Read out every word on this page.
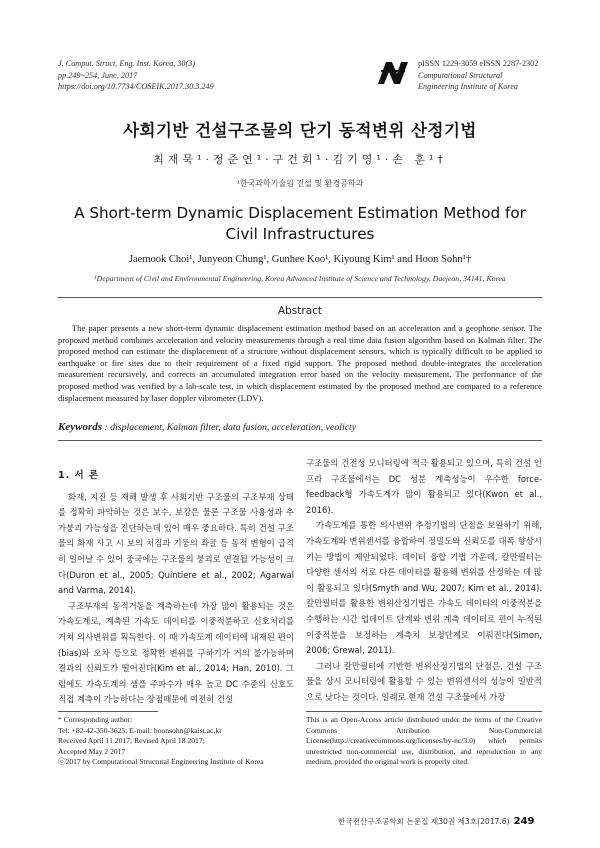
J. Comput. Struct. Eng. Inst. Korea, 30(3)
pp.249~254, June, 2017
https://doi.org/10.7734/COSEIK.2017.30.3.249
pISSN 1229-3059 eISSN 2287-2302
Computational Structural
Engineering Institute of Korea
사회기반 건설구조물의 단기 동적변위 산정기법
최재묵¹·정준연¹·구건회¹·김기영¹·손 훈¹†
¹한국과학기술원 건설 및 환경공학과
A Short-term Dynamic Displacement Estimation Method for Civil Infrastructures
Jaemook Choi¹, Junyeon Chung¹, Gunhee Koo¹, Kiyoung Kim¹ and Hoon Sohn¹†
¹Department of Civil and Environmental Engineering, Korea Advanced Institute of Science and Technology, Daejeon, 34141, Korea
Abstract
The paper presents a new short-term dynamic displacement estimation method based on an acceleration and a geophone sensor. The proposed method combines acceleration and velocity measurements through a real time data fusion algorithm based on Kalman filter. The proposed method can estimate the displacement of a structure without displacement sensors, which is typically difficult to be applied to earthquake or fire sites due to their requirement of a fixed rigid support. The proposed method double-integrates the acceleration measurement recursively, and corrects an accumulated integration error based on the velocity measurement. The performance of the proposed method was verified by a lab-scale test, in which displacement estimated by the proposed method are compared to a reference displacement measured by laser doppler vibrometer (LDV).
Keywords : displacement, Kalman filter, data fusion, acceleration, veolicty
1. 서 론

화재, 지진 등 재해 발생 후 사회기반 구조물의 구조부재 상태를 정확히 파악하는 것은 보수, 보강은 물론 구조물 사용성과 추가붕괴 가능성을 진단하는데 있어 매우 중요하다. 특히 건설 구조물의 화재 사고 시 보의 처짐과 기둥의 좌굴 등 동적 변형이 급격히 일어날 수 있어 중국에는 구조물의 붕괴로 연결될 가능성이 크다(Duron et al., 2005; Quintiere et al., 2002; Agarwal and Varma, 2014).

구조부재의 동적거동을 계측하는데 가장 많이 활용되는 것은 가속도계로, 계측된 가속도 데이터를 이중적분하고 신호처리를 거쳐 의사변위를 획득한다. 이 때 가속도계 데이터에 내재된 편이(bias)와 오차 등으로 정확한 변위를 구하기가 거의 불가능하며 결과의 신뢰도가 떨어진다(Kim et al., 2014; Han, 2010). 그럼에도 가속도계의 샘플 주파수가 매우 높고 DC 수준의 신호도 직접 계측이 가능하다는 장점때문에 여전히 건설

구조물의 건전성 모니터링에 적극 활용되고 있으며, 특히 건설 인프라 구조물에서는 DC 성분 계측성능이 우수한 force-feedback형 가속도계가 많이 활용되고 있다(Kwon et al., 2016).

가속도계를 통한 의사변위 추정기법의 단점을 보완하기 위해, 가속도계와 변위센서를 융합하여 정밀도와 신뢰도를 대폭 향상시키는 방법이 제안되었다. 데이터 융합 기법 가운데, 칼만필터는 다양한 센서의 서로 다른 데이터를 활용해 변위를 산정하는 데 많이 활용되고 있다(Smyth and Wu, 2007; Kim et al., 2014). 칼만필터를 활용한 변위산정기법은 가속도 데이터의 이중적분을 수행하는 시간 업데이트 단계와 변위 계측 데이터로 편이 누적된 이중적분을 보정하는 계측치 보정단계로 이뤄진다(Simon, 2006; Grewal, 2011).

그러나 칼만필터에 기반한 변위산정기법의 단점은, 건설 구조물을 상시 모니터링에 활용할 수 있는 변위센서의 성능이 일반적으로 낮다는 것이다. 일례로 현재 건설 구조물에서 가장

* Corresponding author:
Tel: +82-42-350-3625; E-mail: hoonsohn@kaist.ac.kr
Received April 11 2017; Revised April 18 2017;
Accepted May 2 2017
ⓒ2017 by Computational Structural Engineering Institute of Korea
This is an Open-Access article distributed under the terms of the Creative Commons Attribution Non-Commercial License(http://creativecommons.org/licenses/by-nc/3.0) which permits unrestricted non-commercial use, distribution, and reproduction in any medium, provided the original work is properly cited.
한국전산구조공학회 논문집 제30권 제3호(2017.6) 249
